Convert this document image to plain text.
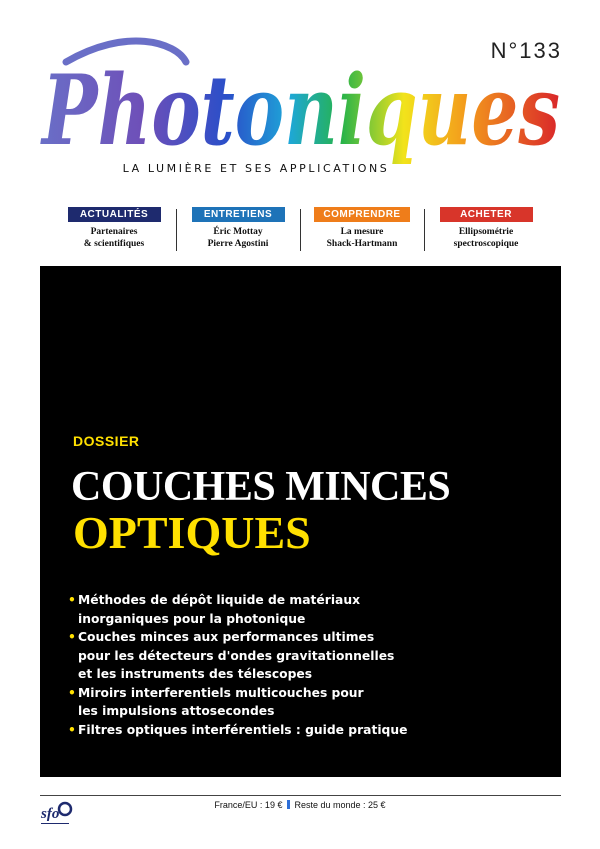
Photoniques
N°133
LA LUMIÈRE ET SES APPLICATIONS
ACTUALITÉS
Partenaires
& scientifiques
ENTRETIENS
Éric Mottay
Pierre Agostini
COMPRENDRE
La mesure
Shack-Hartmann
ACHETER
Ellipsométrie
spectroscopique
DOSSIER
COUCHES MINCES
OPTIQUES
• Méthodes de dépôt liquide de matériaux
inorganiques pour la photonique
• Couches minces aux performances ultimes
pour les détecteurs d'ondes gravitationnelles
et les instruments des télescopes
• Miroirs interferentiels multicouches pour
les impulsions attosecondes
• Filtres optiques interférentiels : guide pratique
sfo
France/EU : 19 € Reste du monde : 25 €
